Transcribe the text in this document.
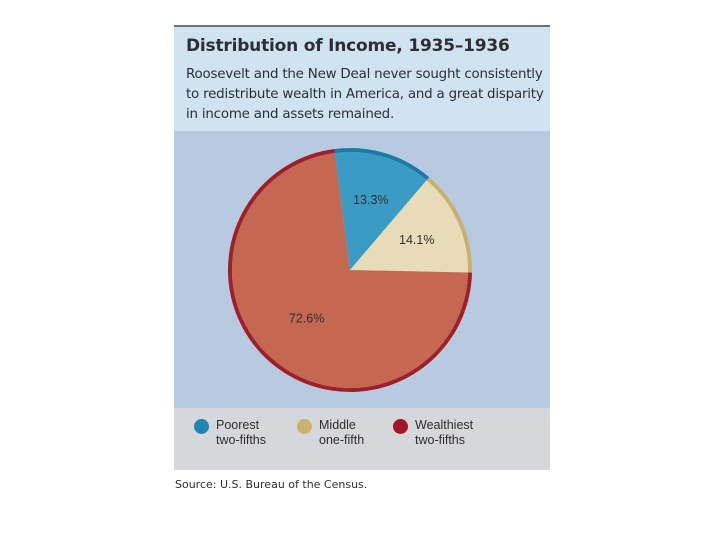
Distribution of Income, 1935–1936
Roosevelt and the New Deal never sought consistently to redistribute wealth in America, and a great disparity in income and assets remained.
13.3%
14.1%
72.6%
Poorest
two-fifths
Middle
one-fifth
Wealthiest
two-fifths
Source: U.S. Bureau of the Census.
